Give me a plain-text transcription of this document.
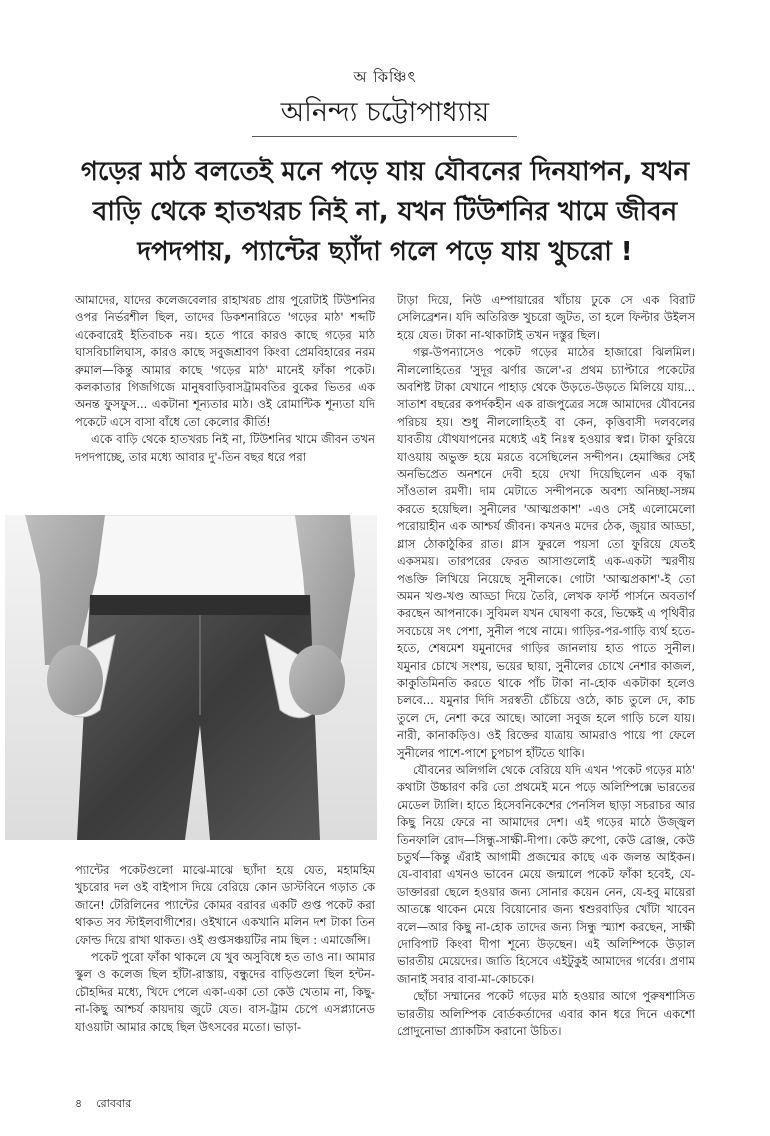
অ কিঞ্চিৎ
অনিন্দ্য চট্টোপাধ্যায়
গড়ের মাঠ বলতেই মনে পড়ে যায় যৌবনের দিনযাপন, যখন বাড়ি থেকে হাতখরচ নিই না, যখন টিউশনির খামে জীবন দপদপায়, প্যান্টের ছ্যাঁদা গলে পড়ে যায় খুচরো !

আমাদের, যাদের কলেজবেলার রাহাখরচ প্রায় পুরোটাই টিউশনির ওপর নির্ভরশীল ছিল, তাদের ডিকশনারিতে 'গড়ের মাঠ' শব্দটি একেবারেই ইতিবাচক নয়। হতে পারে কারও কাছে গড়ের মাঠ ঘাসবিচালিঘাস, কারও কাছে সবুজশ্রাবণ কিংবা প্রেমবিহারের নরম রুমাল—কিন্তু আমার কাছে 'গড়ের মাঠ' মানেই ফাঁকা পকেট। কলকাতার গিজগিজে মানুষবাড়িবাসট্রামবতির বুকের ভিতর এক অনন্ত ফুসফুস... একটানা শূন্যতার মাঠ। ওই রোমান্টিক শূন্যতা যদি পকেটে এসে বাসা বাঁধে তো কেলোর কীর্তি!

একে বাড়ি থেকে হাতখরচ নিই না, টিউশনির খামে জীবন তখন দপদপাচ্ছে, তার মধ্যে আবার দু'-তিন বছর ধরে পরা

প্যান্টের পকেটগুলো মাঝে-মাঝে ছ্যাঁদা হয়ে যেত, মহামহিম খুচরোর দল ওই বাইপাস দিয়ে বেরিয়ে কোন ডাস্টবিনে গড়াত কে জানে! টেরিলিনের প্যান্টের কোমর বরাবর একটি গুপ্ত পকেট করা থাকত সব স্টাইলবাগীশের। ওইখানে একখানি মলিন দশ টাকা তিন ফোল্ড দিয়ে রাখা থাকত। ওই গুপ্তসঞ্চয়টির নাম ছিল : এমার্জেন্সি।

পকেট পুরো ফাঁকা থাকলে যে খুব অসুবিধে হত তাও না। আমার স্কুল ও কলেজ ছিল হাঁটা-রাস্তায়, বন্ধুদের বাড়িগুলো ছিল হন্টন-চৌহদ্দির মধ্যে, খিদে পেলে একা-একা তো কেউ খেতাম না, কিছু-না-কিছু আশ্চর্য কায়দায় জুটে যেত। বাস-ট্রাম চেপে এসপ্ল্যানেড যাওয়াটা আমার কাছে ছিল উৎসবের মতো। ভাড়া-

টাড়া দিয়ে, নিউ এম্পায়ারের খাঁচায় ঢুকে সে এক বিরাট সেলিব্রেশন। যদি অতিরিক্ত খুচরো জুটত, তা হলে ফিল্টার উইলস হয়ে যেত। টাকা না-থাকাটাই তখন দস্তুর ছিল।

গল্প-উপন্যাসেও পকেট গড়ের মাঠের হাজারো ঝিলমিল। নীললোহিতের 'সুদূর ঝর্ণার জলে'-র প্রথম চ্যাপ্টারে পকেটের অবশিষ্ট টাকা যেখানে পাহাড় থেকে উড়তে-উড়তে মিলিয়ে যায়... সাতাশ বছরের কপর্দকহীন এক রাজপুত্রের সঙ্গে আমাদের যৌবনের পরিচয় হয়। শুধু নীললোহিতই বা কেন, কৃত্তিবাসী দলবলের যাবতীয় যৌথযাপনের মধ্যেই এই নিঃস্ব হওয়ার স্বপ্ন। টাকা ফুরিয়ে যাওয়ায় অভুক্ত হয়ে মরতে বসেছিলেন সন্দীপন। হেমাজ্জির সেই অনভিপ্রেত অনশনে দেবী হয়ে দেখা দিয়েছিলেন এক বৃদ্ধা সাঁওতাল রমণী। দাম মেটাতে সন্দীপনকে অবশ্য অনিচ্ছা-সঙ্গম করতে হয়েছিল। সুনীলের 'আত্মপ্রকাশ' -এও সেই এলোমেলো পরোয়াহীন এক আশ্চর্য জীবন। কখনও মদের ঠেক, জুয়ার আড্ডা, গ্লাস ঠোকাঠুকির রাত। গ্লাস ফুরলে পয়সা তো ফুরিয়ে যেতই একসময়। তারপরের ফেরত আসাগুলোই এক-একটা স্মরণীয় পঙক্তি লিখিয়ে নিয়েছে সুনীলকে। গোটা 'আত্মপ্রকাশ'-ই তো অমন খণ্ড-খণ্ড আড্ডা দিয়ে তৈরি, লেখক ফার্স্ট পার্সনে অবতার্ণ করছেন আপনাকে। সুবিমল যখন ঘোষণা করে, ভিক্ষেই এ পৃথিবীর সবচেয়ে সৎ পেশা, সুনীল পথে নামে। গাড়ির-পর-গাড়ি ব্যর্থ হতে-হতে, শেষমেশ যমুনাদের গাড়ির জানলায় হাত পাতে সুনীল। যমুনার চোখে সংশয়, ভয়ের ছায়া, সুনীলের চোখে নেশার কাজল, কাকুতিমিনতি করতে থাকে পাঁচ টাকা না-হোক একটাকা হলেও চলবে... যমুনার দিদি সরস্বতী চেঁচিয়ে ওঠে, কাচ তুলে দে, কাচ তুলে দে, নেশা করে আছে। আলো সবুজ হলে গাড়ি চলে যায়। নারী, কানাকড়িও। ওই রিক্তের যাত্রায় আমরাও পায়ে পা ফেলে সুনীলের পাশে-পাশে চুপচাপ হাঁটতে থাকি।

যৌবনের অলিগলি থেকে বেরিয়ে যদি এখন 'পকেট গড়ের মাঠ' কথাটা উচ্চারণ করি তো প্রথমেই মনে পড়ে অলিম্পিক্সে ভারতের মেডেল ট্যালি। হাতে হিসেবনিকেশের পেনসিল ছাড়া সচরাচর আর কিছু নিয়ে ফেরে না আমাদের দেশ। এই গড়ের মাঠে উজ্জ্বল তিনফালি রোদ—সিন্ধু-সাক্ষী-দীপা। কেউ রুপো, কেউ ব্রোঞ্জ, কেউ চতুর্থ—কিন্তু এঁরাই আগামী প্রজন্মের কাছে এক জলন্ত আইকন। যে-বাবারা এখনও ভাবেন মেয়ে জন্মালে পকেট ফাঁকা হবেই, যে-ডাক্তাররা ছেলে হওয়ার জন্য সোনার কয়েন নেন, যে-হবু মায়েরা আতঙ্কে থাকেন মেয়ে বিয়োনোর জন্য শ্বশুরবাড়ির খোঁটা খাবেন বলে—আর কিছু না-হোক তাদের জন্য সিন্ধু স্ম্যাশ করছেন, সাক্ষী দোবিপাট কিংবা দীপা শূন্যে উড়ছেন। এই অলিম্পিকে উড়াল ভারতীয় মেয়েদের। জাতি হিসেবে এইটুকুই আমাদের গর্বের। প্রণাম জানাই সবার বাবা-মা-কোচকে।

ছোঁচা সম্মানের পকেট গড়ের মাঠ হওয়ার আগে পুরুষশাসিত ভারতীয় অলিম্পিক বোর্ডকর্তাদের এবার কান ধরে দিনে একশো প্রোদুনোভা প্র্যাকটিস করানো উচিত।

৪ রোববার
